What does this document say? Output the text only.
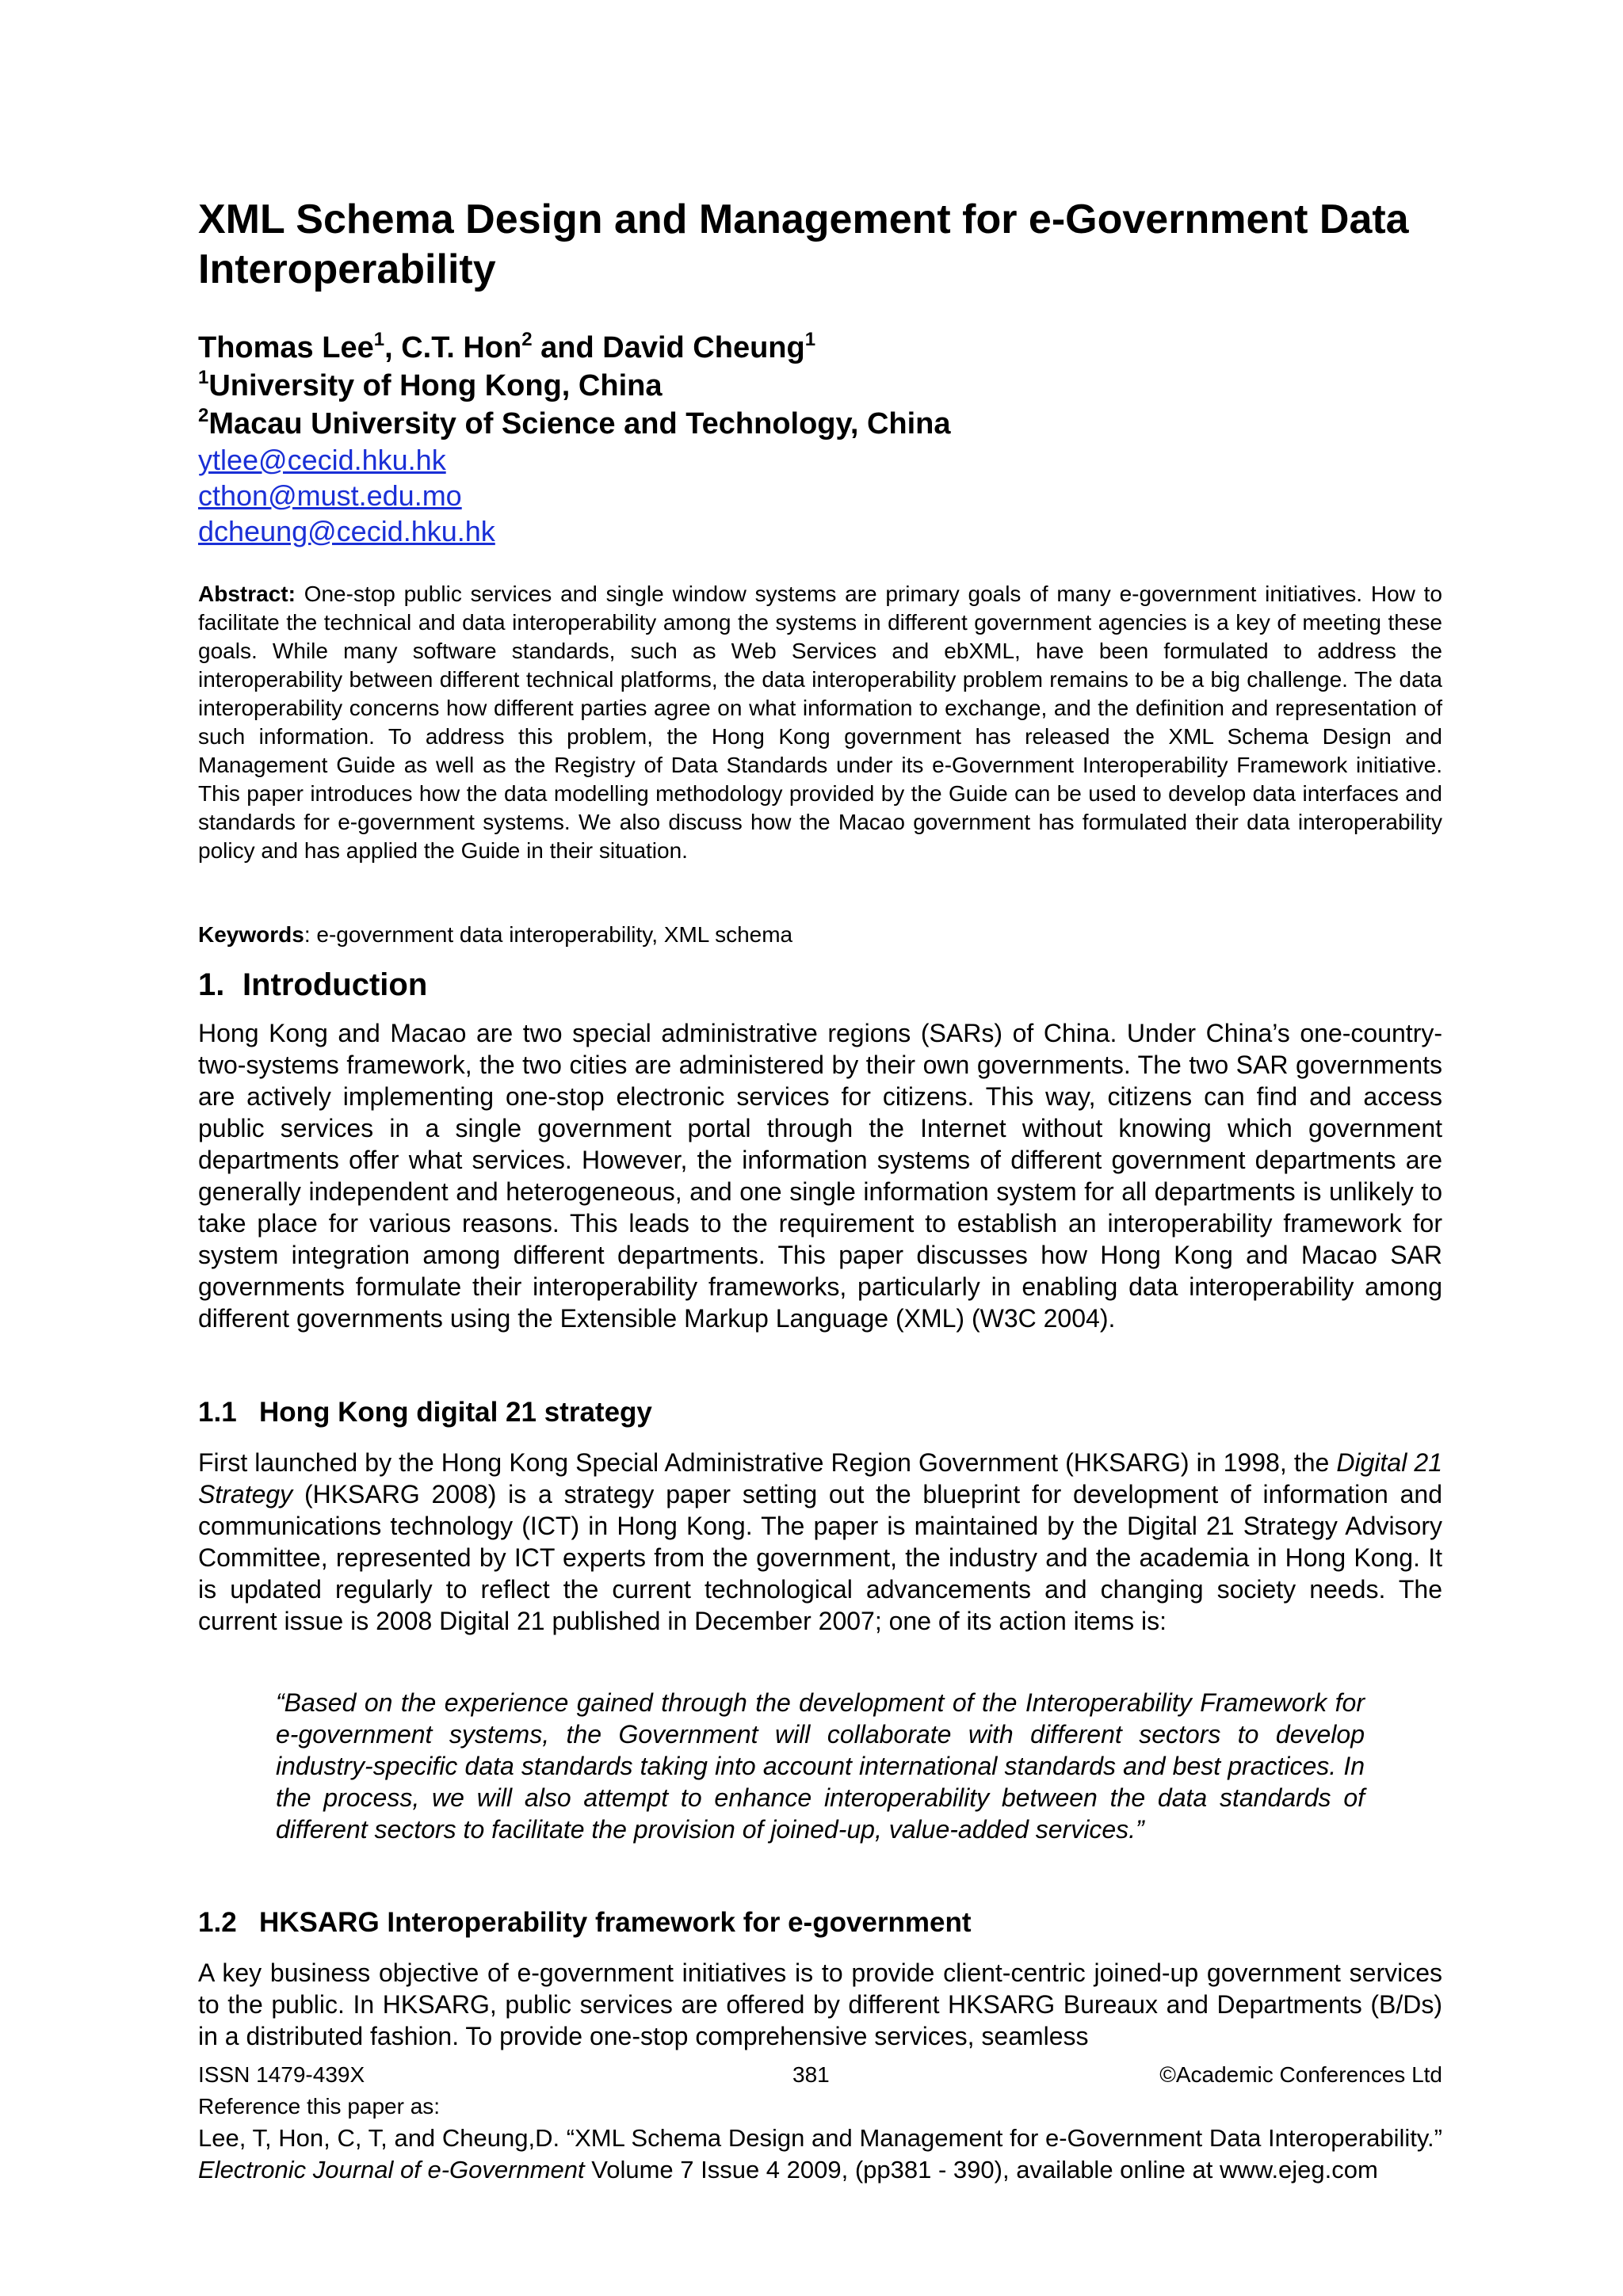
XML Schema Design and Management for e-Government Data Interoperability
Thomas Lee$^1$, C.T. Hon$^2$ and David Cheung$^1$
$^1$University of Hong Kong, China
$^2$Macau University of Science and Technology, China
ytlee@cecid.hku.hk
cthon@must.edu.mo
dcheung@cecid.hku.hk

Abstract: One-stop public services and single window systems are primary goals of many e-government initiatives. How to facilitate the technical and data interoperability among the systems in different government agencies is a key of meeting these goals. While many software standards, such as Web Services and ebXML, have been formulated to address the interoperability between different technical platforms, the data interoperability problem remains to be a big challenge. The data interoperability concerns how different parties agree on what information to exchange, and the definition and representation of such information. To address this problem, the Hong Kong government has released the XML Schema Design and Management Guide as well as the Registry of Data Standards under its e-Government Interoperability Framework initiative. This paper introduces how the data modelling methodology provided by the Guide can be used to develop data interfaces and standards for e-government systems. We also discuss how the Macao government has formulated their data interoperability policy and has applied the Guide in their situation.

Keywords: e-government data interoperability, XML schema

1. Introduction

Hong Kong and Macao are two special administrative regions (SARs) of China. Under China’s one-country-two-systems framework, the two cities are administered by their own governments. The two SAR governments are actively implementing one-stop electronic services for citizens. This way, citizens can find and access public services in a single government portal through the Internet without knowing which government departments offer what services. However, the information systems of different government departments are generally independent and heterogeneous, and one single information system for all departments is unlikely to take place for various reasons. This leads to the requirement to establish an interoperability framework for system integration among different departments. This paper discusses how Hong Kong and Macao SAR governments formulate their interoperability frameworks, particularly in enabling data interoperability among different governments using the Extensible Markup Language (XML) (W3C 2004).

1.1 Hong Kong digital 21 strategy

First launched by the Hong Kong Special Administrative Region Government (HKSARG) in 1998, the Digital 21 Strategy (HKSARG 2008) is a strategy paper setting out the blueprint for development of information and communications technology (ICT) in Hong Kong. The paper is maintained by the Digital 21 Strategy Advisory Committee, represented by ICT experts from the government, the industry and the academia in Hong Kong. It is updated regularly to reflect the current technological advancements and changing society needs. The current issue is 2008 Digital 21 published in December 2007; one of its action items is:

“Based on the experience gained through the development of the Interoperability Framework for e-government systems, the Government will collaborate with different sectors to develop industry-specific data standards taking into account international standards and best practices. In the process, we will also attempt to enhance interoperability between the data standards of different sectors to facilitate the provision of joined-up, value-added services.”

1.2 HKSARG Interoperability framework for e-government

A key business objective of e-government initiatives is to provide client-centric joined-up government services to the public. In HKSARG, public services are offered by different HKSARG Bureaux and Departments (B/Ds) in a distributed fashion. To provide one-stop comprehensive services, seamless

ISSN 1479-439X	381	©Academic Conferences Ltd
Reference this paper as:

Lee, T, Hon, C, T, and Cheung,D. “XML Schema Design and Management for e-Government Data Interoperability.” Electronic Journal of e-Government Volume 7 Issue 4 2009, (pp381 - 390), available online at www.ejeg.com
